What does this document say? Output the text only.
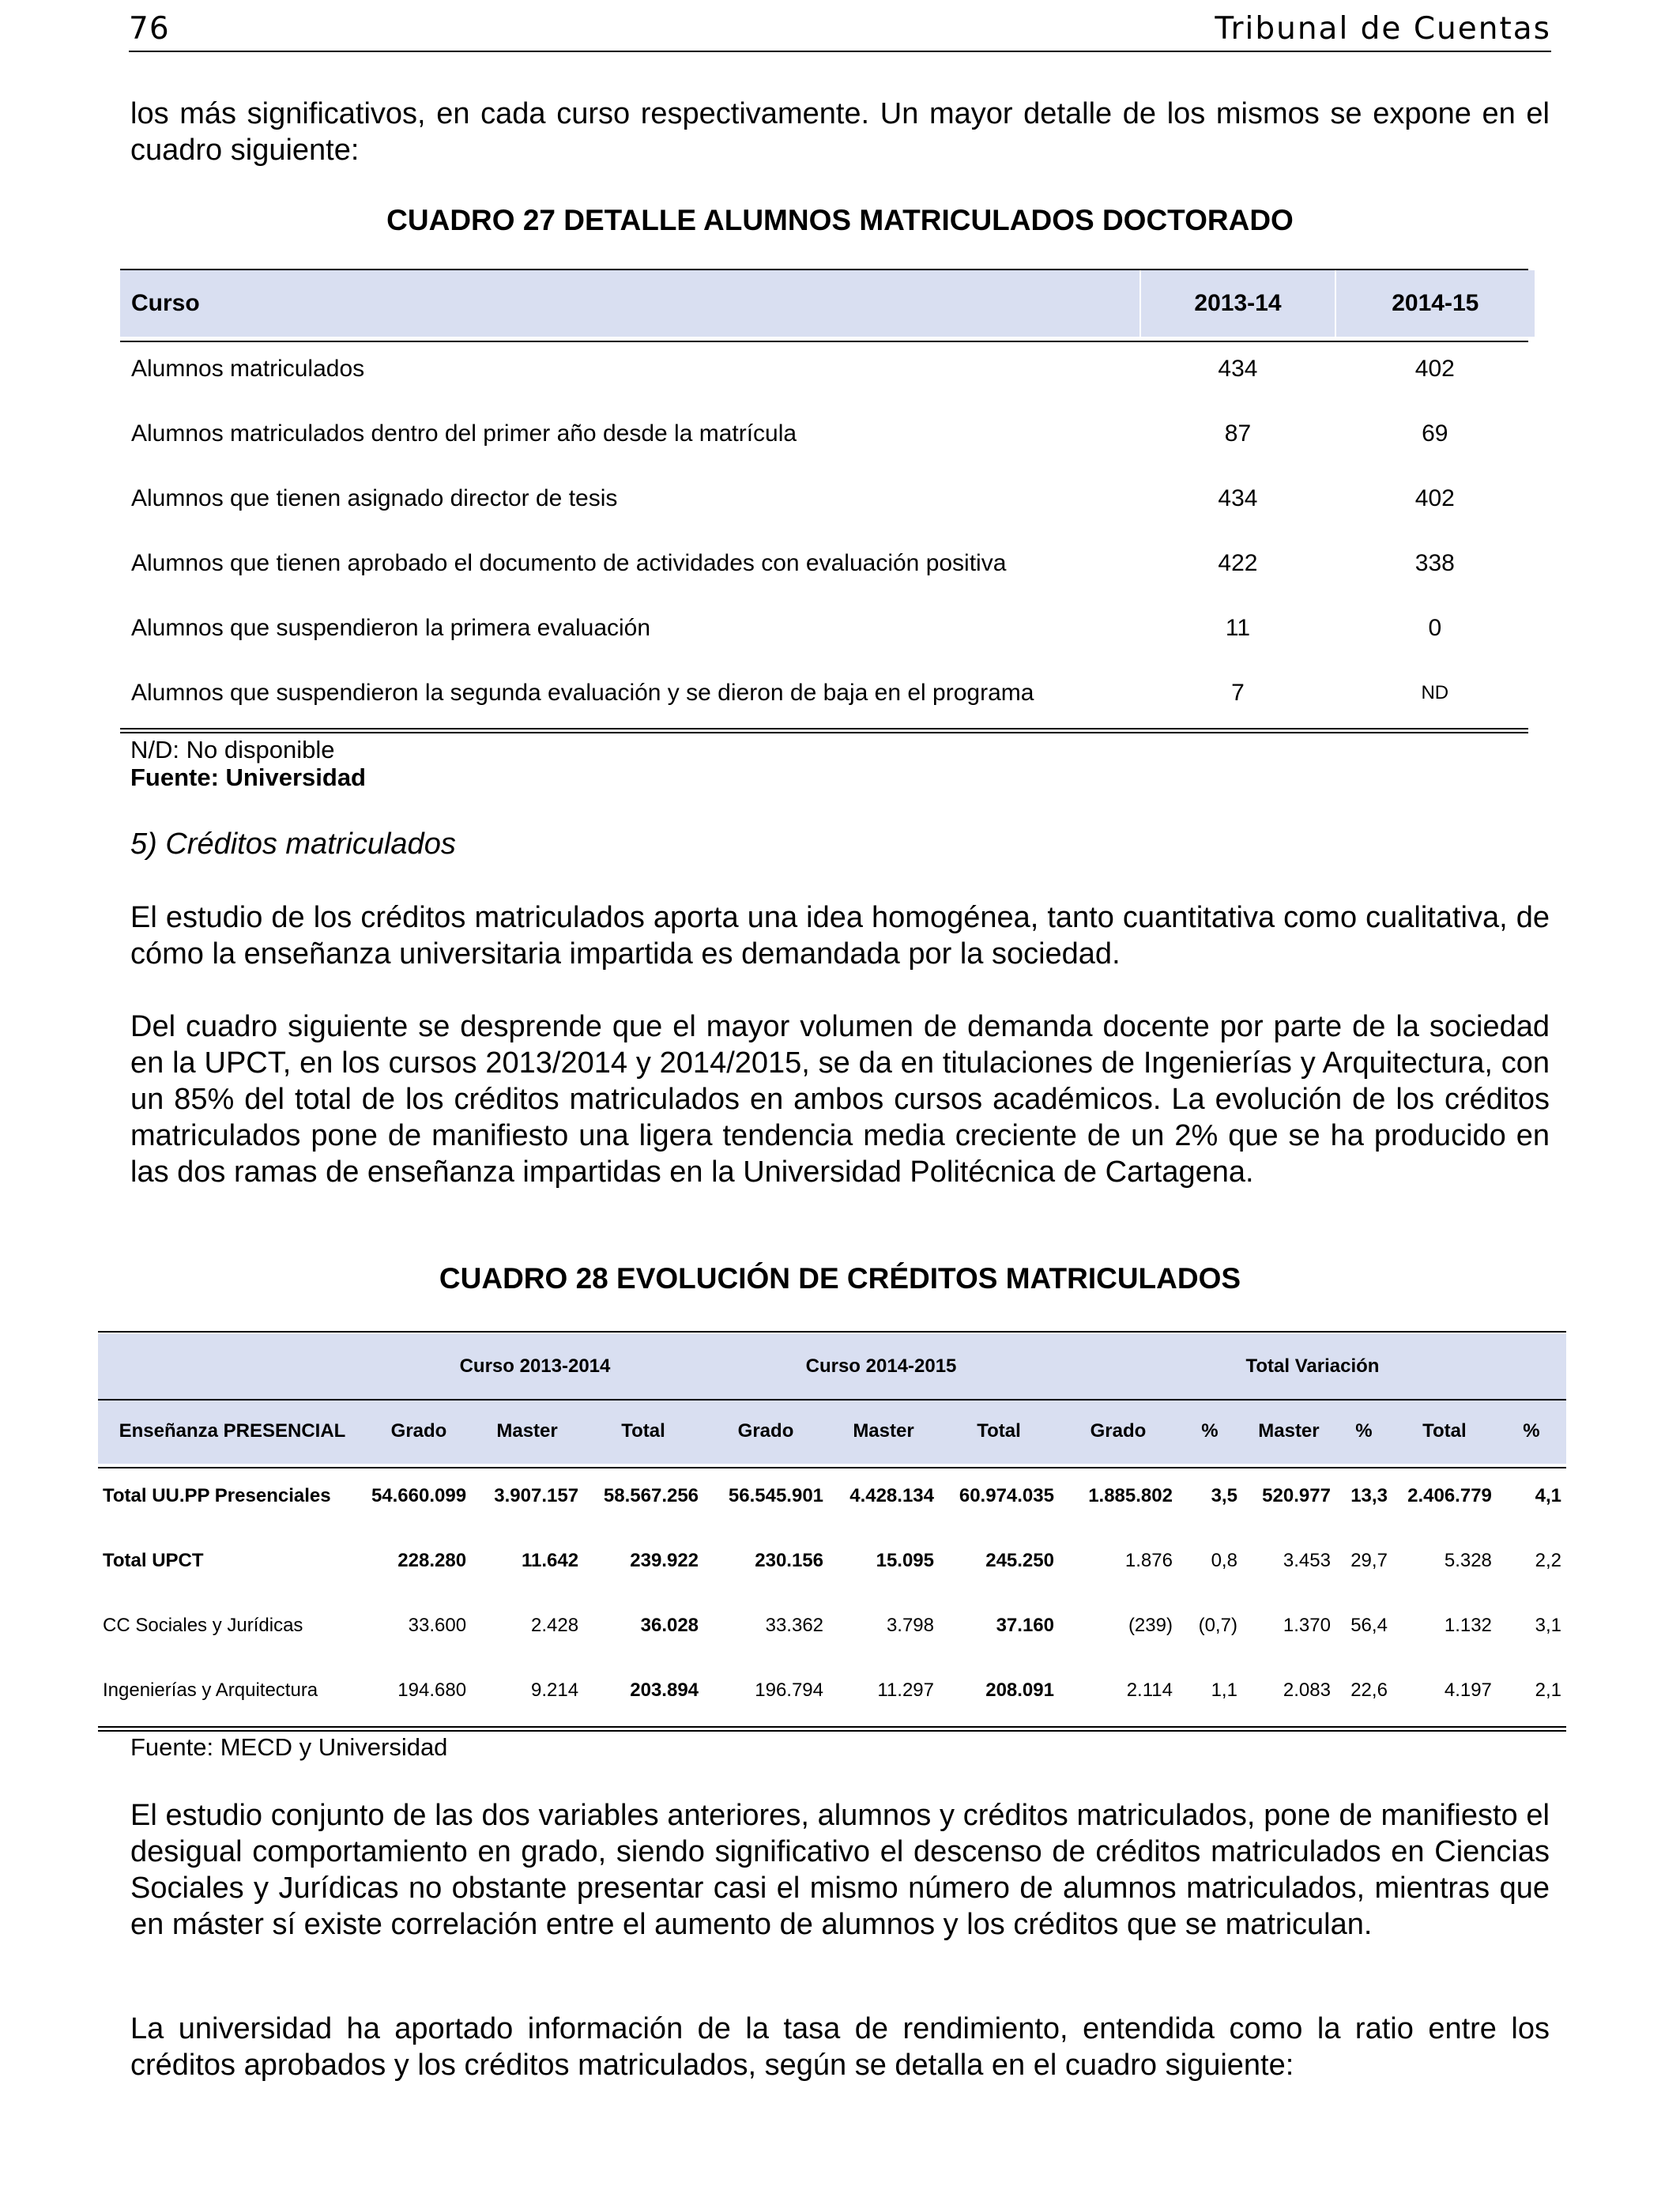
76	Tribunal de Cuentas
los más significativos, en cada curso respectivamente. Un mayor detalle de los mismos se expone en el cuadro siguiente:
CUADRO 27 DETALLE ALUMNOS MATRICULADOS DOCTORADO
Curso	2013-14	2014-15
Alumnos matriculados	434	402
Alumnos matriculados dentro del primer año desde la matrícula	87	69
Alumnos que tienen asignado director de tesis	434	402
Alumnos que tienen aprobado el documento de actividades con evaluación positiva	422	338
Alumnos que suspendieron la primera evaluación	11	0
Alumnos que suspendieron la segunda evaluación y se dieron de baja en el programa	7	ND
N/D: No disponible
Fuente: Universidad
5) Créditos matriculados
El estudio de los créditos matriculados aporta una idea homogénea, tanto cuantitativa como cualitativa, de cómo la enseñanza universitaria impartida es demandada por la sociedad.
Del cuadro siguiente se desprende que el mayor volumen de demanda docente por parte de la sociedad en la UPCT, en los cursos 2013/2014 y 2014/2015, se da en titulaciones de Ingenierías y Arquitectura, con un 85% del total de los créditos matriculados en ambos cursos académicos. La evolución de los créditos matriculados pone de manifiesto una ligera tendencia media creciente de un 2% que se ha producido en las dos ramas de enseñanza impartidas en la Universidad Politécnica de Cartagena.
CUADRO 28 EVOLUCIÓN DE CRÉDITOS MATRICULADOS
	Curso 2013-2014			Curso 2014-2015			Total Variación					
Enseñanza PRESENCIAL	Grado	Master	Total	Grado	Master	Total	Grado	%	Master	%	Total	%
Total UU.PP Presenciales	54.660.099	3.907.157	58.567.256	56.545.901	4.428.134	60.974.035	1.885.802	3,5	520.977	13,3	2.406.779	4,1
Total UPCT	228.280	11.642	239.922	230.156	15.095	245.250	1.876	0,8	3.453	29,7	5.328	2,2
CC Sociales y Jurídicas	33.600	2.428	36.028	33.362	3.798	37.160	(239)	(0,7)	1.370	56,4	1.132	3,1
Ingenierías y Arquitectura	194.680	9.214	203.894	196.794	11.297	208.091	2.114	1,1	2.083	22,6	4.197	2,1
Fuente: MECD y Universidad
El estudio conjunto de las dos variables anteriores, alumnos y créditos matriculados, pone de manifiesto el desigual comportamiento en grado, siendo significativo el descenso de créditos matriculados en Ciencias Sociales y Jurídicas no obstante presentar casi el mismo número de alumnos matriculados, mientras que en máster sí existe correlación entre el aumento de alumnos y los créditos que se matriculan.
La universidad ha aportado información de la tasa de rendimiento, entendida como la ratio entre los créditos aprobados y los créditos matriculados, según se detalla en el cuadro siguiente:
